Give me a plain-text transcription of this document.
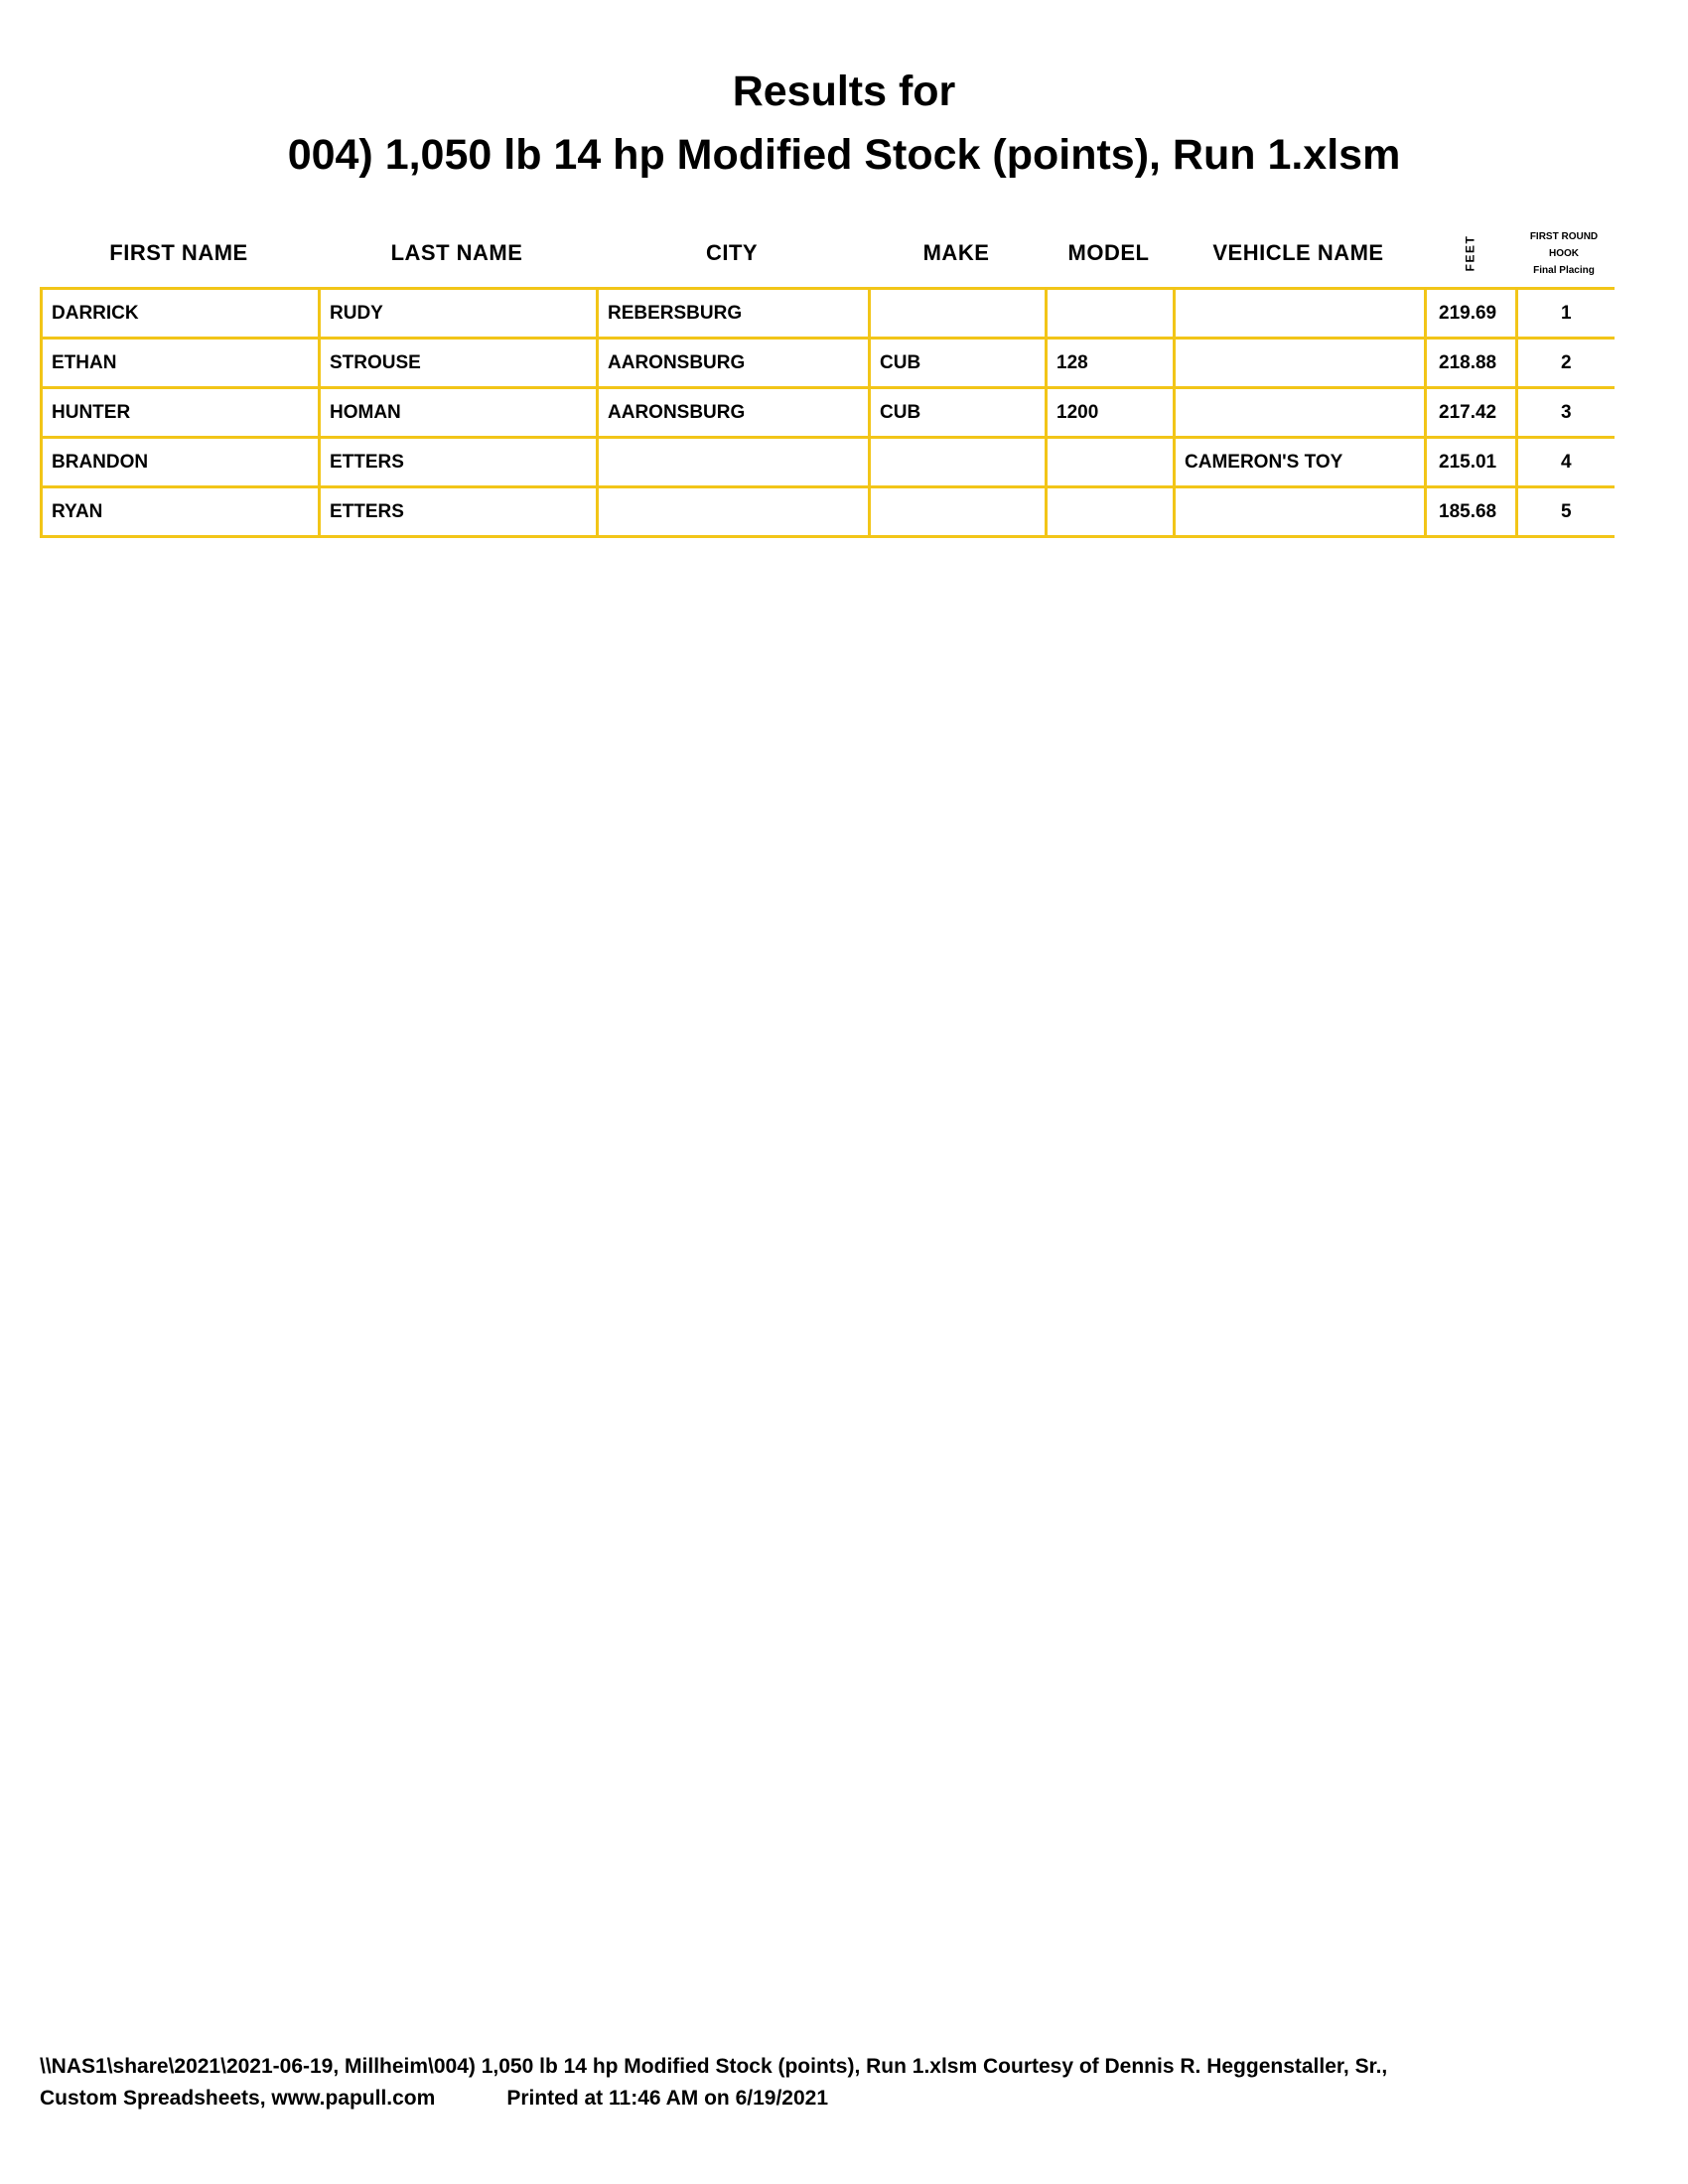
Results for
004) 1,050 lb 14 hp Modified Stock (points), Run 1.xlsm
FIRST NAME	LAST NAME	CITY	MAKE	MODEL	VEHICLE NAME	FEET	FIRST ROUND
HOOK
Final Placing
DARRICK	RUDY	REBERSBURG				219.69	1
ETHAN	STROUSE	AARONSBURG	CUB	128		218.88	2
HUNTER	HOMAN	AARONSBURG	CUB	1200		217.42	3
BRANDON	ETTERS				CAMERON'S TOY	215.01	4
RYAN	ETTERS					185.68	5
\\NAS1\share\2021\2021-06-19, Millheim\004) 1,050 lb 14 hp Modified Stock (points), Run 1.xlsm Courtesy of Dennis R. Heggenstaller, Sr.,
Custom Spreadsheets, www.papull.com	Printed at 11:46 AM on 6/19/2021
